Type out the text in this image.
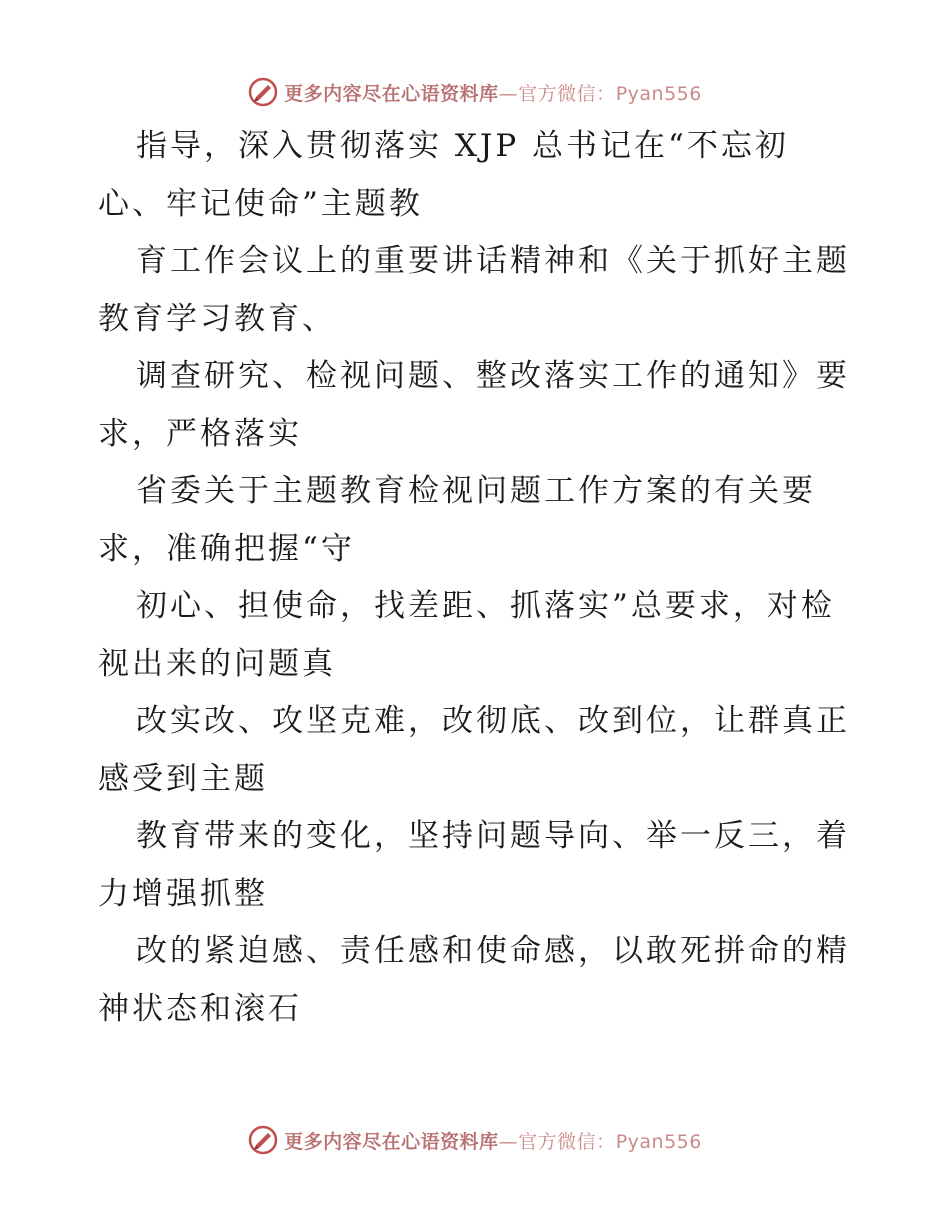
更多内容尽在心语资料库—官方微信：Pyan556
指导，深入贯彻落实 XJP 总书记在“不忘初
心、牢记使命”主题教
育工作会议上的重要讲话精神和《关于抓好主题
教育学习教育、
调查研究、检视问题、整改落实工作的通知》要
求，严格落实
省委关于主题教育检视问题工作方案的有关要
求，准确把握“守
初心、担使命，找差距、抓落实”总要求，对检
视出来的问题真
改实改、攻坚克难，改彻底、改到位，让群真正
感受到主题
教育带来的变化，坚持问题导向、举一反三，着
力增强抓整
改的紧迫感、责任感和使命感，以敢死拼命的精
神状态和滚石
更多内容尽在心语资料库—官方微信：Pyan556
